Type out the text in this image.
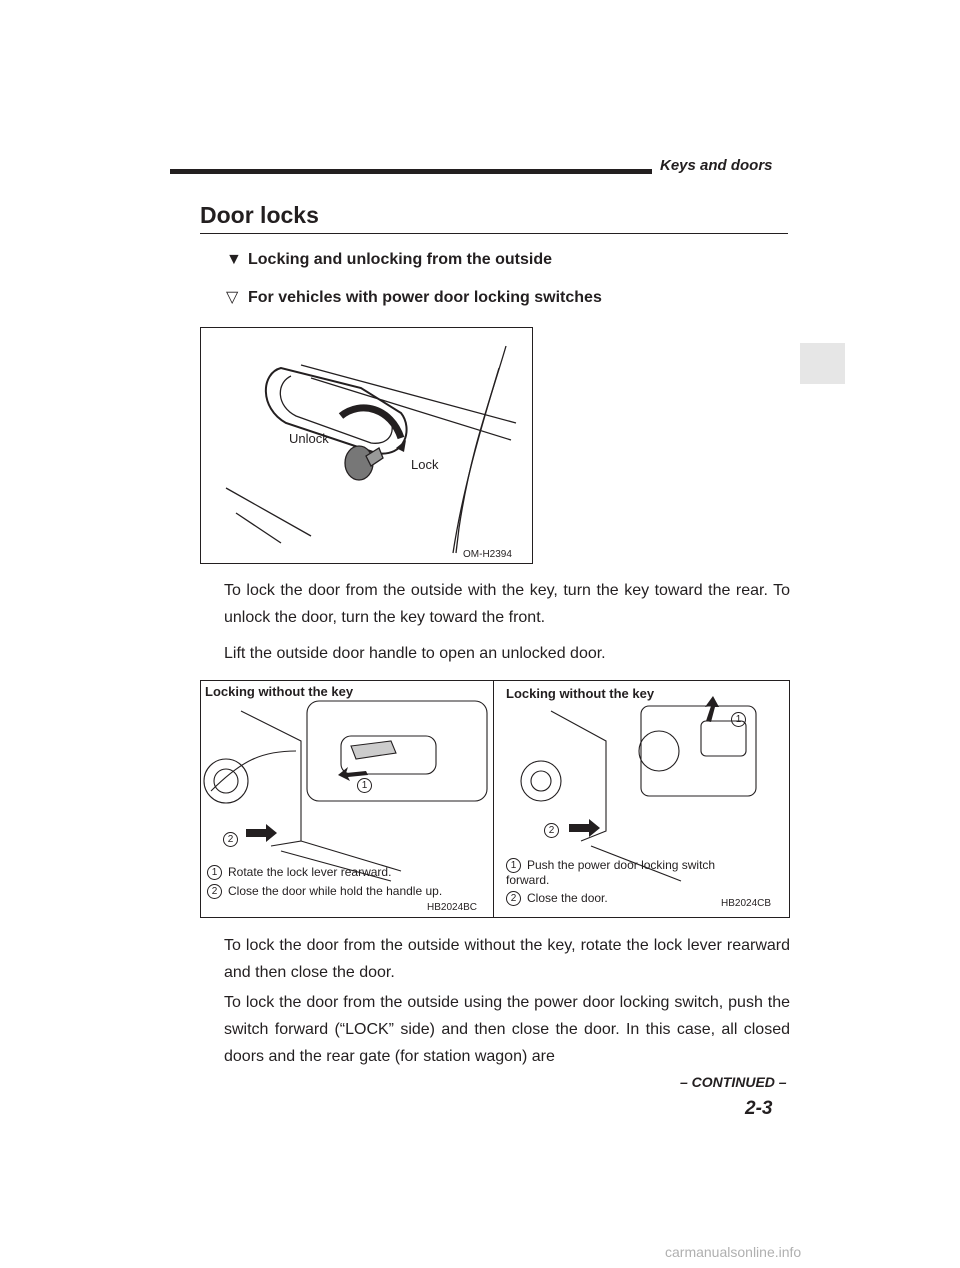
Keys and doors
Door locks
▼ Locking and unlocking from the outside
▽ For vehicles with power door locking switches
Unlock
Lock
OM-H2394
To lock the door from the outside with the key, turn the key toward the rear. To unlock the door, turn the key toward the front.
Lift the outside door handle to open an unlocked door.
Locking without the key	Locking without the key
1
2
1
2
1 Rotate the lock lever rearward.
2 Close the door while hold the handle up.
HB2024BC
1 Push the power door locking switch forward.
2 Close the door.	HB2024CB
To lock the door from the outside without the key, rotate the lock lever rearward and then close the door.
To lock the door from the outside using the power door locking switch, push the switch forward (“LOCK” side) and then close the door. In this case, all closed doors and the rear gate (for station wagon) are
– CONTINUED –
2-3
carmanualsonline.info
